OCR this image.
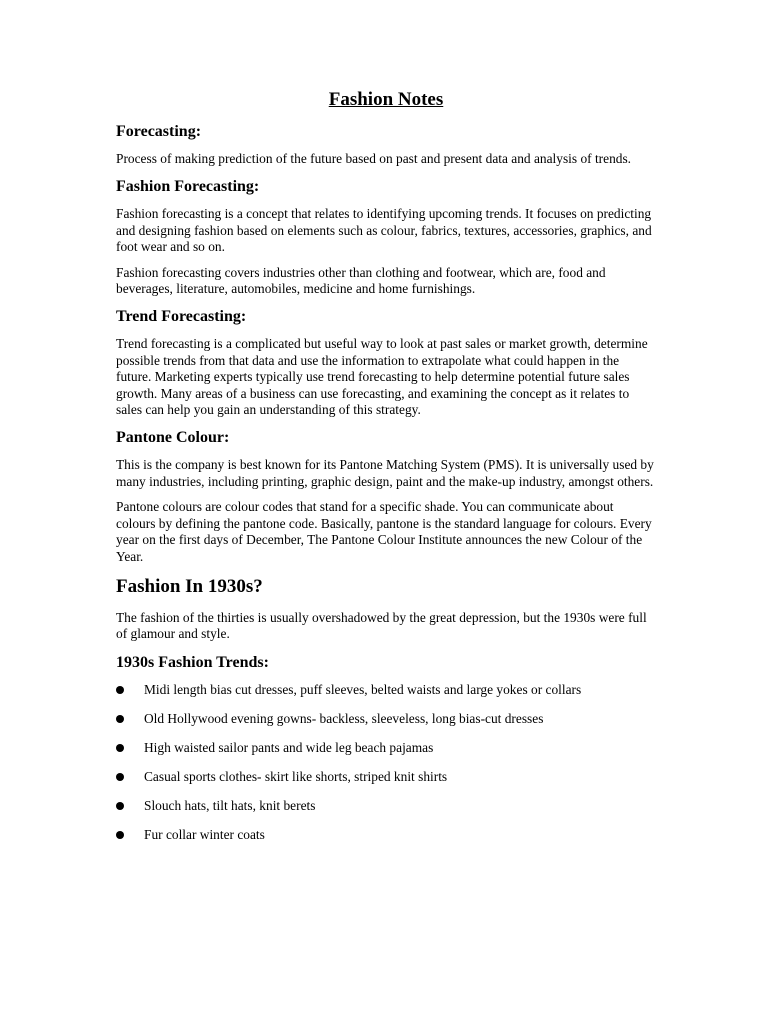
Fashion Notes
Forecasting:

Process of making prediction of the future based on past and present data and analysis of trends.

Fashion Forecasting:

Fashion forecasting is a concept that relates to identifying upcoming trends. It focuses on predicting and designing fashion based on elements such as colour, fabrics, textures, accessories, graphics, and foot wear and so on.

Fashion forecasting covers industries other than clothing and footwear, which are, food and beverages, literature, automobiles, medicine and home furnishings.

Trend Forecasting:

Trend forecasting is a complicated but useful way to look at past sales or market growth, determine possible trends from that data and use the information to extrapolate what could happen in the future. Marketing experts typically use trend forecasting to help determine potential future sales growth. Many areas of a business can use forecasting, and examining the concept as it relates to sales can help you gain an understanding of this strategy.

Pantone Colour:

This is the company is best known for its Pantone Matching System (PMS). It is universally used by many industries, including printing, graphic design, paint and the make-up industry, amongst others.

Pantone colours are colour codes that stand for a specific shade. You can communicate about colours by defining the pantone code. Basically, pantone is the standard language for colours. Every year on the first days of December, The Pantone Colour Institute announces the new Colour of the Year.

Fashion In 1930s?

The fashion of the thirties is usually overshadowed by the great depression, but the 1930s were full of glamour and style.

1930s Fashion Trends:
Midi length bias cut dresses, puff sleeves, belted waists and large yokes or collars
Old Hollywood evening gowns- backless, sleeveless, long bias-cut dresses
High waisted sailor pants and wide leg beach pajamas
Casual sports clothes- skirt like shorts, striped knit shirts
Slouch hats, tilt hats, knit berets
Fur collar winter coats
